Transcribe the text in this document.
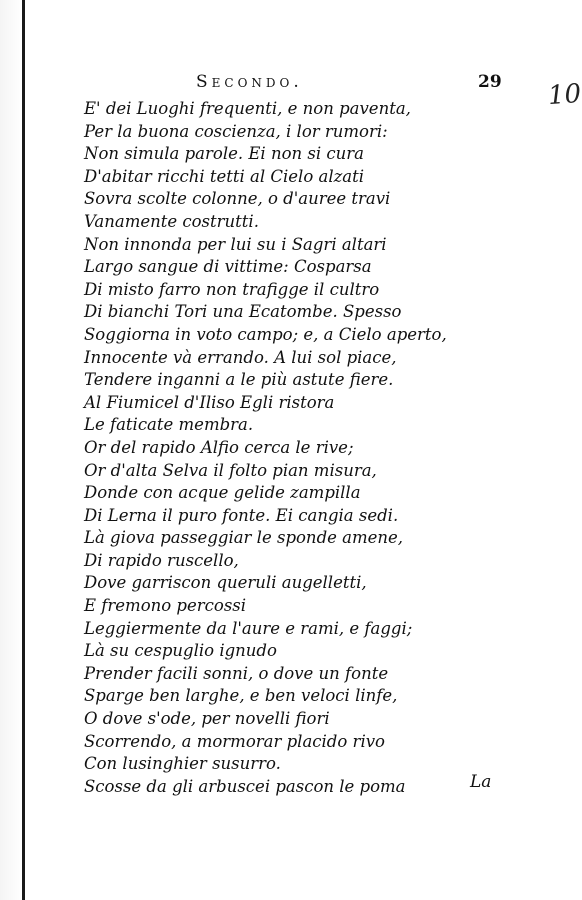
Secondo.	29 10
E' dei Luoghi frequenti, e non paventa,
Per la buona coscienza, i lor rumori:
Non simula parole. Ei non si cura
D'abitar ricchi tetti al Cielo alzati
Sovra scolte colonne, o d'auree travi
Vanamente costrutti.
Non innonda per lui su i Sagri altari
Largo sangue di vittime: Cosparsa
Di misto farro non trafigge il cultro
Di bianchi Tori una Ecatombe. Spesso
Soggiorna in voto campo; e, a Cielo aperto,
Innocente và errando. A lui sol piace,
Tendere inganni a le più astute fiere.
Al Fiumicel d'Iliso Egli ristora
Le faticate membra.
Or del rapido Alfio cerca le rive;
Or d'alta Selva il folto pian misura,
Donde con acque gelide zampilla
Di Lerna il puro fonte. Ei cangia sedi.
Là giova passeggiar le sponde amene,
Di rapido ruscello,
Dove garriscon queruli augelletti,
E fremono percossi
Leggiermente da l'aure e rami, e faggi;
Là su cespuglio ignudo
Prender facili sonni, o dove un fonte
Sparge ben larghe, e ben veloci linfe,
O dove s'ode, per novelli fiori
Scorrendo, a mormorar placido rivo
Con lusinghier susurro.
Scosse da gli arbuscei pascon le poma	La
